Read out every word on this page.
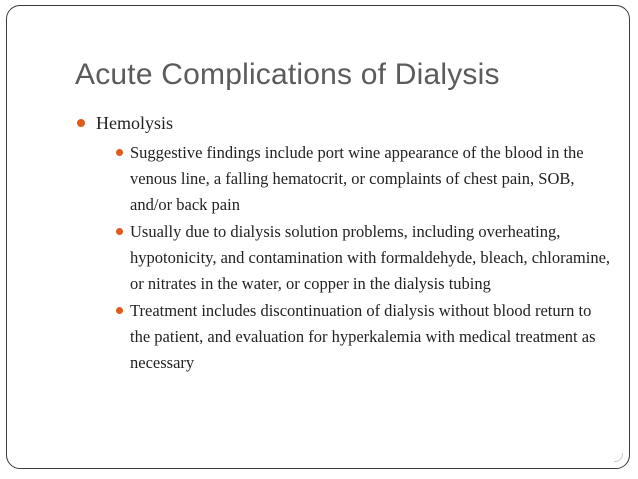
Acute Complications of Dialysis
Hemolysis
Suggestive findings include port wine appearance of the blood in the venous line, a falling hematocrit, or complaints of chest pain, SOB, and/or back pain
Usually due to dialysis solution problems, including overheating, hypotonicity, and contamination with formaldehyde, bleach, chloramine, or nitrates in the water, or copper in the dialysis tubing
Treatment includes discontinuation of dialysis without blood return to the patient, and evaluation for hyperkalemia with medical treatment as necessary
